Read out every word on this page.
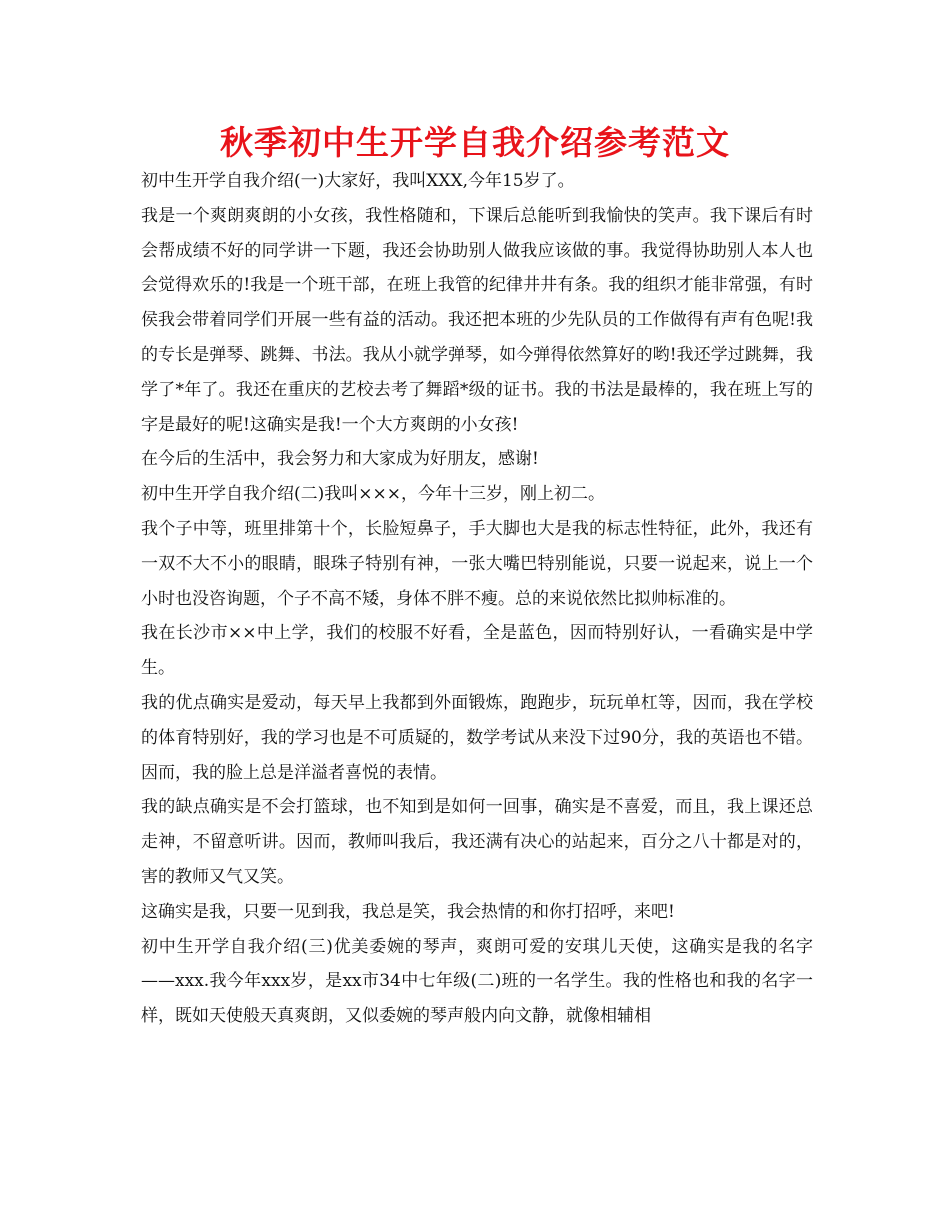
秋季初中生开学自我介绍参考范文

初中生开学自我介绍(一)大家好，我叫XXX,今年15岁了。

我是一个爽朗爽朗的小女孩，我性格随和，下课后总能听到我愉快的笑声。我下课后有时会帮成绩不好的同学讲一下题，我还会协助别人做我应该做的事。我觉得协助别人本人也会觉得欢乐的!我是一个班干部，在班上我管的纪律井井有条。我的组织才能非常强，有时侯我会带着同学们开展一些有益的活动。我还把本班的少先队员的工作做得有声有色呢!我的专长是弹琴、跳舞、书法。我从小就学弹琴，如今弹得依然算好的哟!我还学过跳舞，我学了*年了。我还在重庆的艺校去考了舞蹈*级的证书。我的书法是最棒的，我在班上写的字是最好的呢!这确实是我!一个大方爽朗的小女孩!

在今后的生活中，我会努力和大家成为好朋友，感谢!

初中生开学自我介绍(二)我叫×××，今年十三岁，刚上初二。

我个子中等，班里排第十个，长脸短鼻子，手大脚也大是我的标志性特征，此外，我还有一双不大不小的眼睛，眼珠子特别有神，一张大嘴巴特别能说，只要一说起来，说上一个小时也没咨询题，个子不高不矮，身体不胖不瘦。总的来说依然比拟帅标准的。

我在长沙市××中上学，我们的校服不好看，全是蓝色，因而特别好认，一看确实是中学生。

我的优点确实是爱动，每天早上我都到外面锻炼，跑跑步，玩玩单杠等，因而，我在学校的体育特别好，我的学习也是不可质疑的，数学考试从来没下过90分，我的英语也不错。因而，我的脸上总是洋溢者喜悦的表情。

我的缺点确实是不会打篮球，也不知到是如何一回事，确实是不喜爱，而且，我上课还总走神，不留意听讲。因而，教师叫我后，我还满有决心的站起来，百分之八十都是对的，害的教师又气又笑。

这确实是我，只要一见到我，我总是笑，我会热情的和你打招呼，来吧!

初中生开学自我介绍(三)优美委婉的琴声，爽朗可爱的安琪儿天使，这确实是我的名字——xxx.我今年xxx岁，是xx市34中七年级(二)班的一名学生。我的性格也和我的名字一样，既如天使般天真爽朗，又似委婉的琴声般内向文静，就像相辅相
